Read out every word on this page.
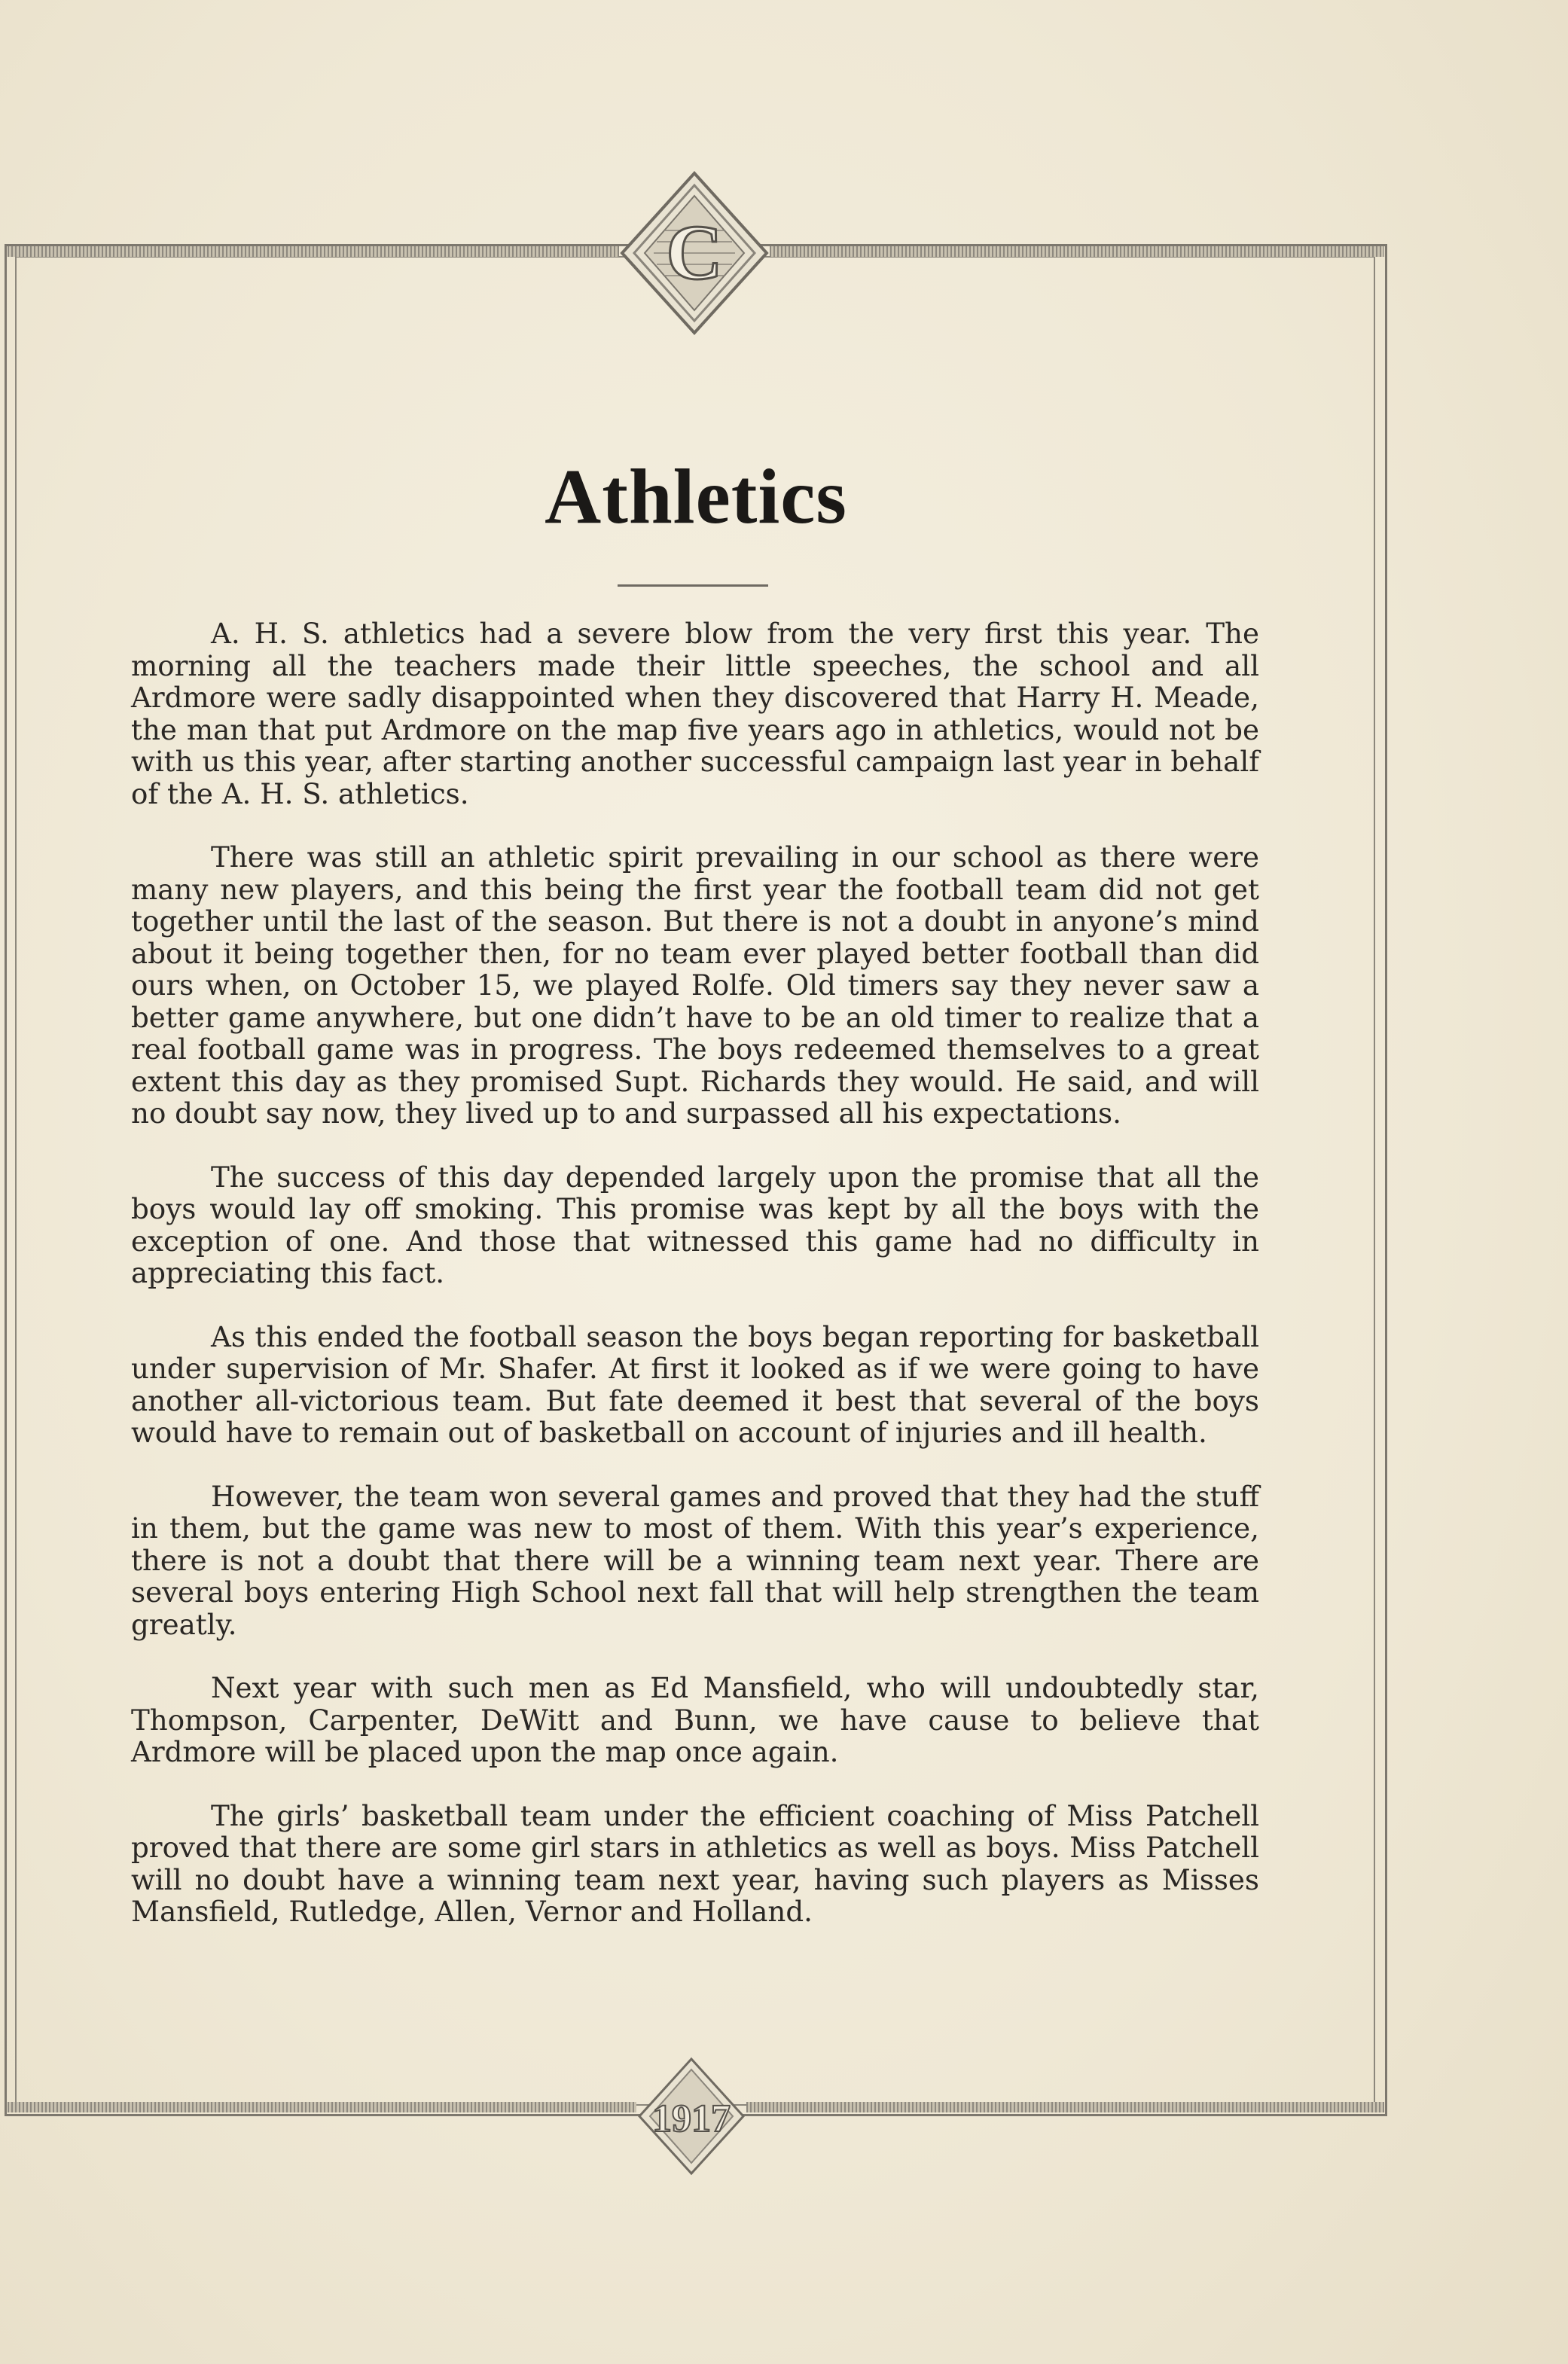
C
1917
Athletics

A. H. S. athletics had a severe blow from the very first this year. The morning all the teachers made their little speeches, the school and all Ardmore were sadly disappointed when they discovered that Harry H. Meade, the man that put Ardmore on the map five years ago in athletics, would not be with us this year, after starting another successful campaign last year in behalf of the A. H. S. athletics.

There was still an athletic spirit prevailing in our school as there were many new players, and this being the first year the football team did not get together until the last of the season. But there is not a doubt in anyone’s mind about it being together then, for no team ever played better football than did ours when, on October 15, we played Rolfe. Old timers say they never saw a better game anywhere, but one didn’t have to be an old timer to realize that a real football game was in progress. The boys redeemed themselves to a great extent this day as they promised Supt. Richards they would. He said, and will no doubt say now, they lived up to and surpassed all his expectations.

The success of this day depended largely upon the promise that all the boys would lay off smoking. This promise was kept by all the boys with the exception of one. And those that witnessed this game had no difficulty in appreciating this fact.

As this ended the football season the boys began reporting for basketball under supervision of Mr. Shafer. At first it looked as if we were going to have another all-victorious team. But fate deemed it best that several of the boys would have to remain out of basketball on account of injuries and ill health.

However, the team won several games and proved that they had the stuff in them, but the game was new to most of them. With this year’s experience, there is not a doubt that there will be a winning team next year. There are several boys entering High School next fall that will help strengthen the team greatly.

Next year with such men as Ed Mansfield, who will undoubtedly star, Thompson, Carpenter, DeWitt and Bunn, we have cause to believe that Ardmore will be placed upon the map once again.

The girls’ basketball team under the efficient coaching of Miss Patchell proved that there are some girl stars in athletics as well as boys. Miss Patchell will no doubt have a winning team next year, having such players as Misses Mansfield, Rutledge, Allen, Vernor and Holland.
